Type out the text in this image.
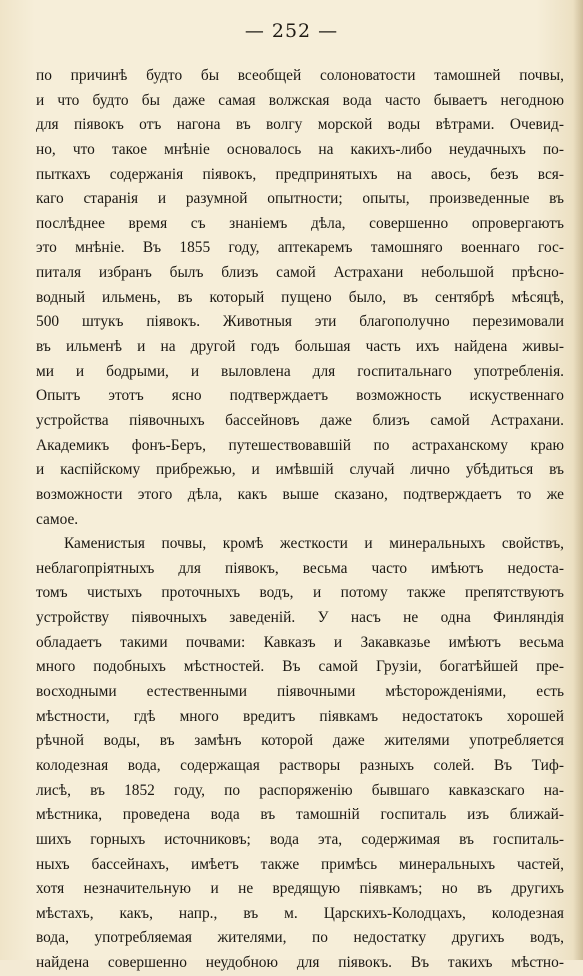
— 252 —
по причинѣ будто бы всеобщей солоноватости тамошней почвы,
и что будто бы даже самая волжская вода часто бываетъ негодною
для піявокъ отъ нагона въ волгу морской воды вѣтрами. Очевид-
но, что такое мнѣніе основалось на какихъ-либо неудачныхъ по-
пыткахъ содержанія піявокъ, предпринятыхъ на авось, безъ вся-
каго старанія и разумной опытности; опыты, произведенные въ
послѣднее время съ знаніемъ дѣла, совершенно опровергаютъ
это мнѣніе. Въ 1855 году, аптекаремъ тамошняго военнаго гос-
питаля избранъ былъ близъ самой Астрахани небольшой прѣсно-
водный ильмень, въ который пущено было, въ сентябрѣ мѣсяцѣ,
500 штукъ піявокъ. Животныя эти благополучно перезимовали
въ ильменѣ и на другой годъ большая часть ихъ найдена живы-
ми и бодрыми, и выловлена для госпитальнаго употребленія.
Опытъ этотъ ясно подтверждаетъ возможность искуственнаго
устройства піявочныхъ бассейновъ даже близъ самой Астрахани.
Академикъ фонъ-Беръ, путешествовавшій по астраханскому краю
и каспійскому прибрежью, и имѣвшій случай лично убѣдиться въ
возможности этого дѣла, какъ выше сказано, подтверждаетъ то же
самое.
Каменистыя почвы, кромѣ жесткости и минеральныхъ свойствъ,
неблагопріятныхъ для піявокъ, весьма часто имѣютъ недоста-
томъ чистыхъ проточныхъ водъ, и потому также препятствуютъ
устройству піявочныхъ заведеній. У насъ не одна Финляндія
обладаетъ такими почвами: Кавказъ и Закавказье имѣютъ весьма
много подобныхъ мѣстностей. Въ самой Грузіи, богатѣйшей пре-
восходными естественными піявочными мѣсторожденіями, есть
мѣстности, гдѣ много вредитъ піявкамъ недостатокъ хорошей
рѣчной воды, въ замѣнъ которой даже жителями употребляется
колодезная вода, содержащая растворы разныхъ солей. Въ Тиф-
лисѣ, въ 1852 году, по распоряженію бывшаго кавказскаго на-
мѣстника, проведена вода въ тамошній госпиталь изъ ближай-
шихъ горныхъ источниковъ; вода эта, содержимая въ госпиталь-
ныхъ бассейнахъ, имѣетъ также примѣсь минеральныхъ частей,
хотя незначительную и не вредящую піявкамъ; но въ другихъ
мѣстахъ, какъ, напр., въ м. Царскихъ-Колодцахъ, колодезная
вода, употребляемая жителями, по недостатку другихъ водъ,
найдена совершенно неудобною для піявокъ. Въ такихъ мѣстно-
